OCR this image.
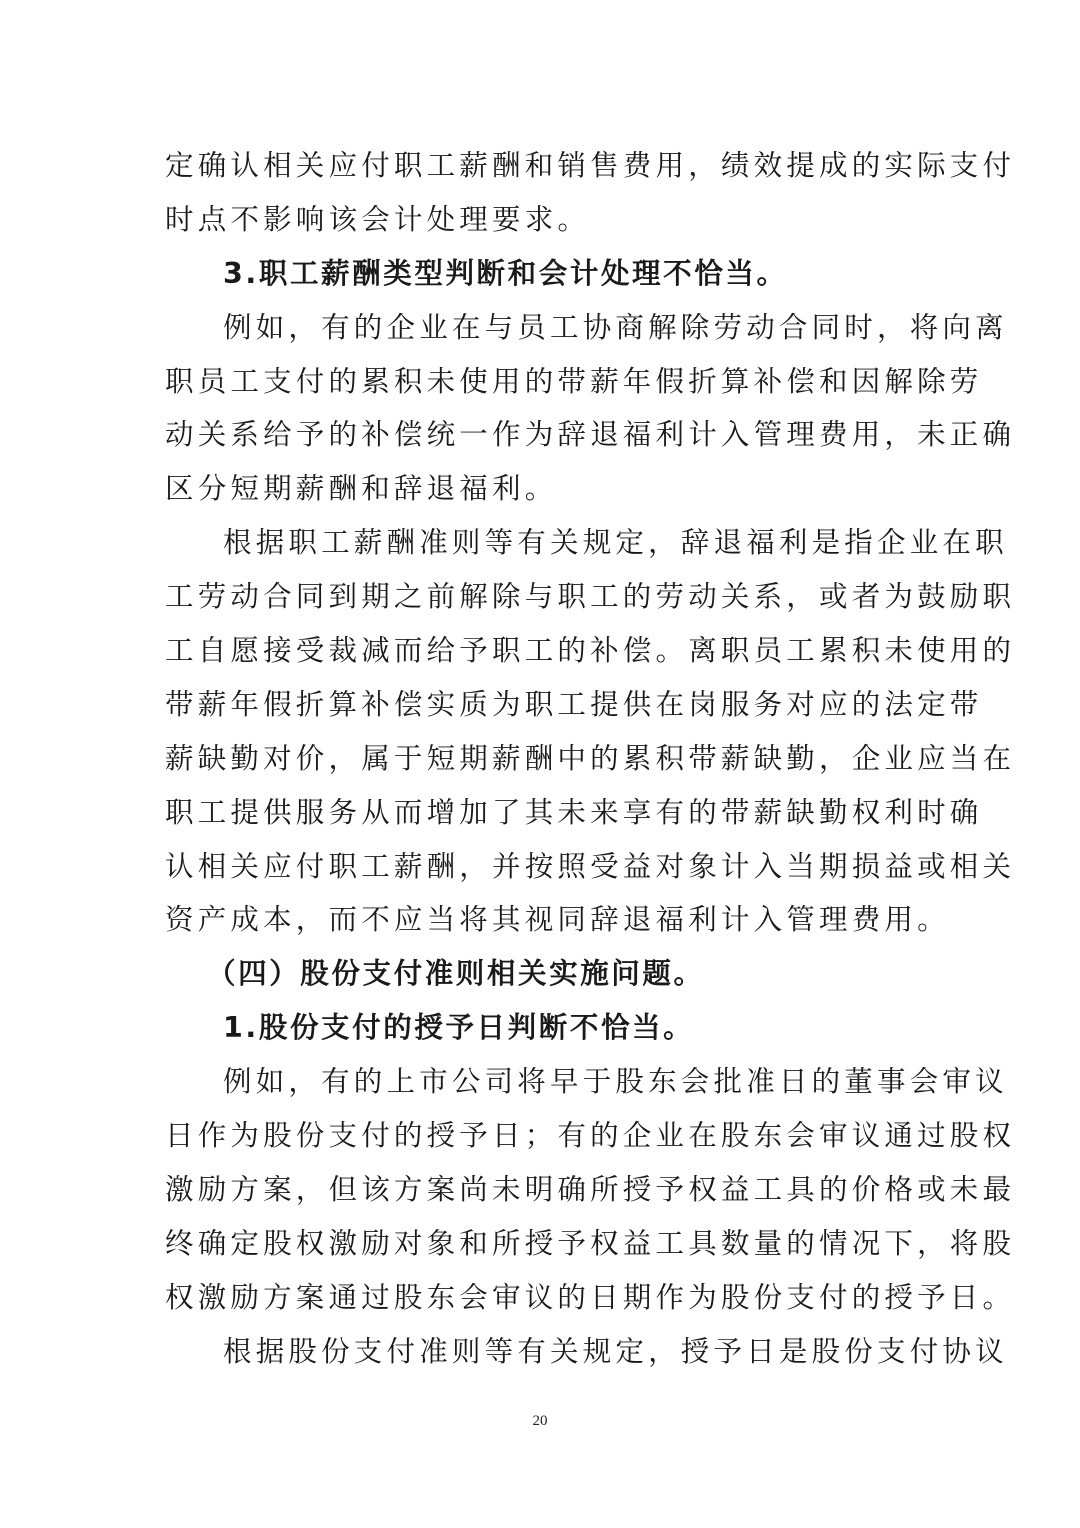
定确认相关应付职工薪酬和销售费用，绩效提成的实际支付
时点不影响该会计处理要求。
3.职工薪酬类型判断和会计处理不恰当。
例如，有的企业在与员工协商解除劳动合同时，将向离
职员工支付的累积未使用的带薪年假折算补偿和因解除劳
动关系给予的补偿统一作为辞退福利计入管理费用，未正确
区分短期薪酬和辞退福利。
根据职工薪酬准则等有关规定，辞退福利是指企业在职
工劳动合同到期之前解除与职工的劳动关系，或者为鼓励职
工自愿接受裁减而给予职工的补偿。离职员工累积未使用的
带薪年假折算补偿实质为职工提供在岗服务对应的法定带
薪缺勤对价，属于短期薪酬中的累积带薪缺勤，企业应当在
职工提供服务从而增加了其未来享有的带薪缺勤权利时确
认相关应付职工薪酬，并按照受益对象计入当期损益或相关
资产成本，而不应当将其视同辞退福利计入管理费用。
（四）股份支付准则相关实施问题。
1.股份支付的授予日判断不恰当。
例如，有的上市公司将早于股东会批准日的董事会审议
日作为股份支付的授予日；有的企业在股东会审议通过股权
激励方案，但该方案尚未明确所授予权益工具的价格或未最
终确定股权激励对象和所授予权益工具数量的情况下，将股
权激励方案通过股东会审议的日期作为股份支付的授予日。
根据股份支付准则等有关规定，授予日是股份支付协议
20
